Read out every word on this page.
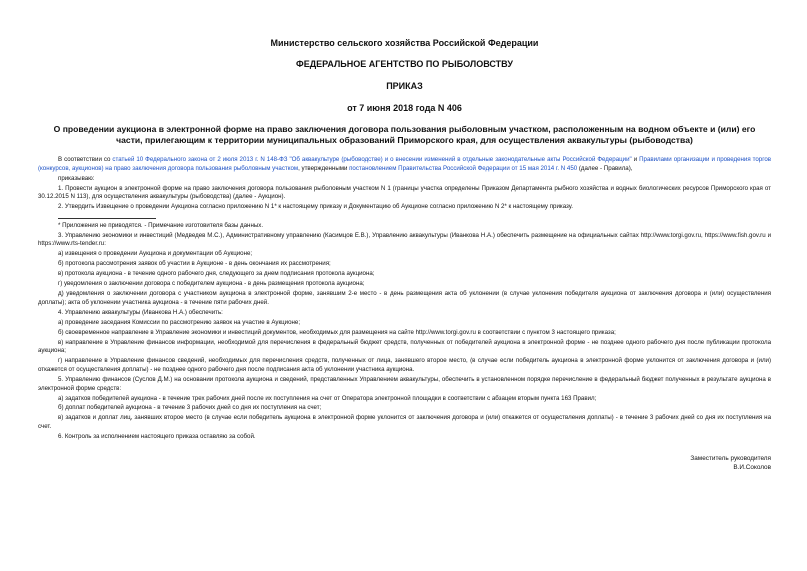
Министерство сельского хозяйства Российской Федерации
ФЕДЕРАЛЬНОЕ АГЕНТСТВО ПО РЫБОЛОВСТВУ
ПРИКАЗ
от 7 июня 2018 года N 406
О проведении аукциона в электронной форме на право заключения договора пользования рыболовным участком, расположенным на водном объекте и (или) его части, прилегающим к территории муниципальных образований Приморского края, для осуществления аквакультуры (рыбоводства)

В соответствии со статьей 10 Федерального закона от 2 июля 2013 г. N 148-ФЗ "Об аквакультуре (рыбоводстве) и о внесении изменений в отдельные законодательные акты Российской Федерации" и Правилами организации и проведения торгов (конкурсов, аукционов) на право заключения договора пользования рыболовным участком, утвержденными постановлением Правительства Российской Федерации от 15 мая 2014 г. N 450 (далее - Правила),

приказываю:

1. Провести аукцион в электронной форме на право заключения договора пользования рыболовным участком N 1 (границы участка определены Приказом Департамента рыбного хозяйства и водных биологических ресурсов Приморского края от 30.12.2015 N 113), для осуществления аквакультуры (рыбоводства) (далее - Аукцион).

2. Утвердить Извещение о проведении Аукциона согласно приложению N 1* к настоящему приказу и Документацию об Аукционе согласно приложению N 2* к настоящему приказу.

* Приложения не приводятся. - Примечание изготовителя базы данных.

3. Управлению экономики и инвестиций (Медведев М.С.), Административному управлению (Касимцов Е.В.), Управлению аквакультуры (Иванкова Н.А.) обеспечить размещение на официальных сайтах http://www.torgi.gov.ru, https://www.fish.gov.ru и https://www.rts-tender.ru:

а) извещения о проведении Аукциона и документации об Аукционе;

б) протокола рассмотрения заявок об участии в Аукционе - в день окончания их рассмотрения;

в) протокола аукциона - в течение одного рабочего дня, следующего за днем подписания протокола аукциона;

г) уведомления о заключении договора с победителем аукциона - в день размещения протокола аукциона;

д) уведомления о заключении договора с участником аукциона в электронной форме, занявшим 2-е место - в день размещения акта об уклонении (в случае уклонения победителя аукциона от заключения договора и (или) осуществления доплаты); акта об уклонении участника аукциона - в течение пяти рабочих дней.

4. Управлению аквакультуры (Иванкова Н.А.) обеспечить:

а) проведение заседания Комиссии по рассмотрению заявок на участие в Аукционе;

б) своевременное направление в Управление экономики и инвестиций документов, необходимых для размещения на сайте http://www.torgi.gov.ru в соответствии с пунктом 3 настоящего приказа;

в) направление в Управление финансов информации, необходимой для перечисления в федеральный бюджет средств, полученных от победителей аукциона в электронной форме - не позднее одного рабочего дня после публикации протокола аукциона;

г) направление в Управление финансов сведений, необходимых для перечисления средств, полученных от лица, занявшего второе место, (в случае если победитель аукциона в электронной форме уклонится от заключения договора и (или) откажется от осуществления доплаты) - не позднее одного рабочего дня после подписания акта об уклонении участника аукциона.

5. Управлению финансов (Суслов Д.М.) на основании протокола аукциона и сведений, представленных Управлением аквакультуры, обеспечить в установленном порядке перечисление в федеральный бюджет полученных в результате аукциона в электронной форме средств:

а) задатков победителей аукциона - в течение трех рабочих дней после их поступления на счет от Оператора электронной площадки в соответствии с абзацем вторым пункта 163 Правил;

б) доплат победителей аукциона - в течение 3 рабочих дней со дня их поступления на счет;

в) задатков и доплат лиц, занявших второе место (в случае если победитель аукциона в электронной форме уклонится от заключения договора и (или) откажется от осуществления доплаты) - в течение 3 рабочих дней со дня их поступления на счет.

6. Контроль за исполнением настоящего приказа оставляю за собой.

Заместитель руководителя
В.И.Соколов
